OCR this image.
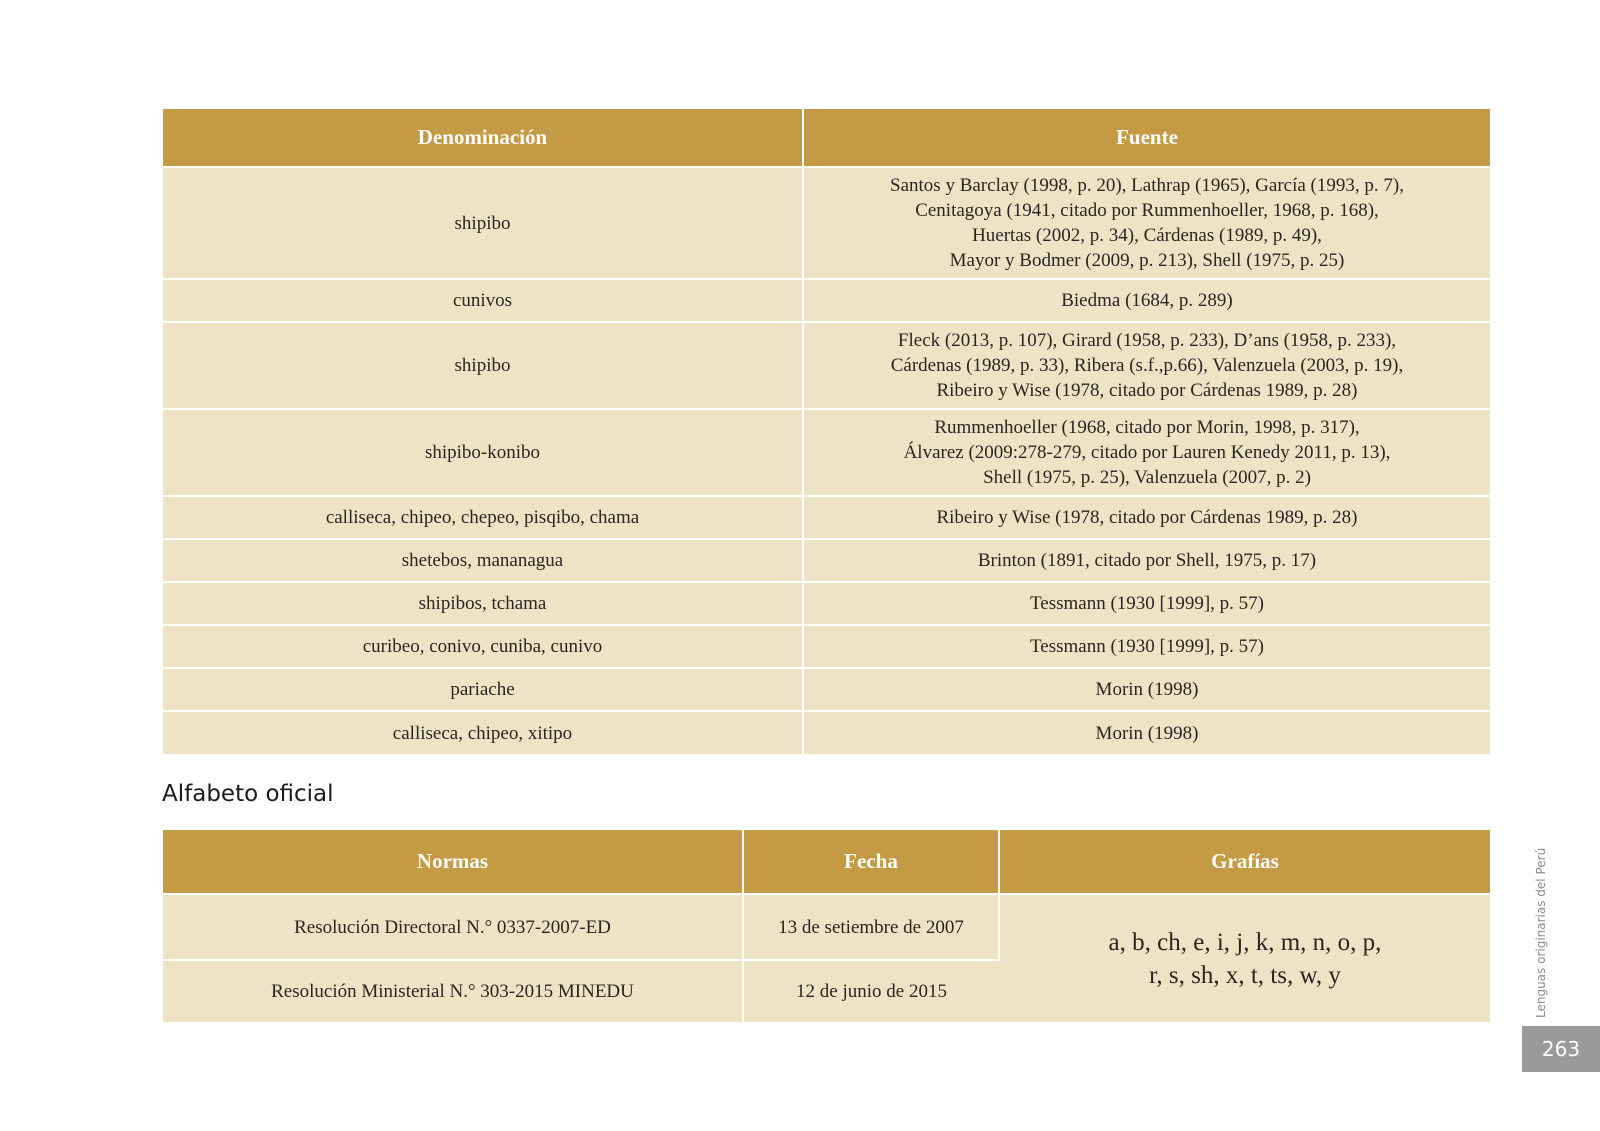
Denominación	Fuente
shipibo	Santos y Barclay (1998, p. 20), Lathrap (1965), García (1993, p. 7),
Cenitagoya (1941, citado por Rummenhoeller, 1968, p. 168),
Huertas (2002, p. 34), Cárdenas (1989, p. 49),
Mayor y Bodmer (2009, p. 213), Shell (1975, p. 25)
cunivos	Biedma (1684, p. 289)
shipibo	Fleck (2013, p. 107), Girard (1958, p. 233), D’ans (1958, p. 233),
Cárdenas (1989, p. 33), Ribera (s.f.,p.66), Valenzuela (2003, p. 19),
Ribeiro y Wise (1978, citado por Cárdenas 1989, p. 28)
shipibo-konibo	Rummenhoeller (1968, citado por Morin, 1998, p. 317),
Álvarez (2009:278-279, citado por Lauren Kenedy 2011, p. 13),
Shell (1975, p. 25), Valenzuela (2007, p. 2)
calliseca, chipeo, chepeo, pisqibo, chama	Ribeiro y Wise (1978, citado por Cárdenas 1989, p. 28)
shetebos, mananagua	Brinton (1891, citado por Shell, 1975, p. 17)
shipibos, tchama	Tessmann (1930 [1999], p. 57)
curibeo, conivo, cuniba, cunivo	Tessmann (1930 [1999], p. 57)
pariache	Morin (1998)
calliseca, chipeo, xitipo	Morin (1998)
Alfabeto oficial
Normas	Fecha	Grafías
Resolución Directoral N.° 0337-2007-ED	13 de setiembre de 2007	a, b, ch, e, i, j, k, m, n, o, p,
r, s, sh, x, t, ts, w, y
Resolución Ministerial N.° 303-2015 MINEDU	12 de junio de 2015		Lenguas originarias del Perú
263
